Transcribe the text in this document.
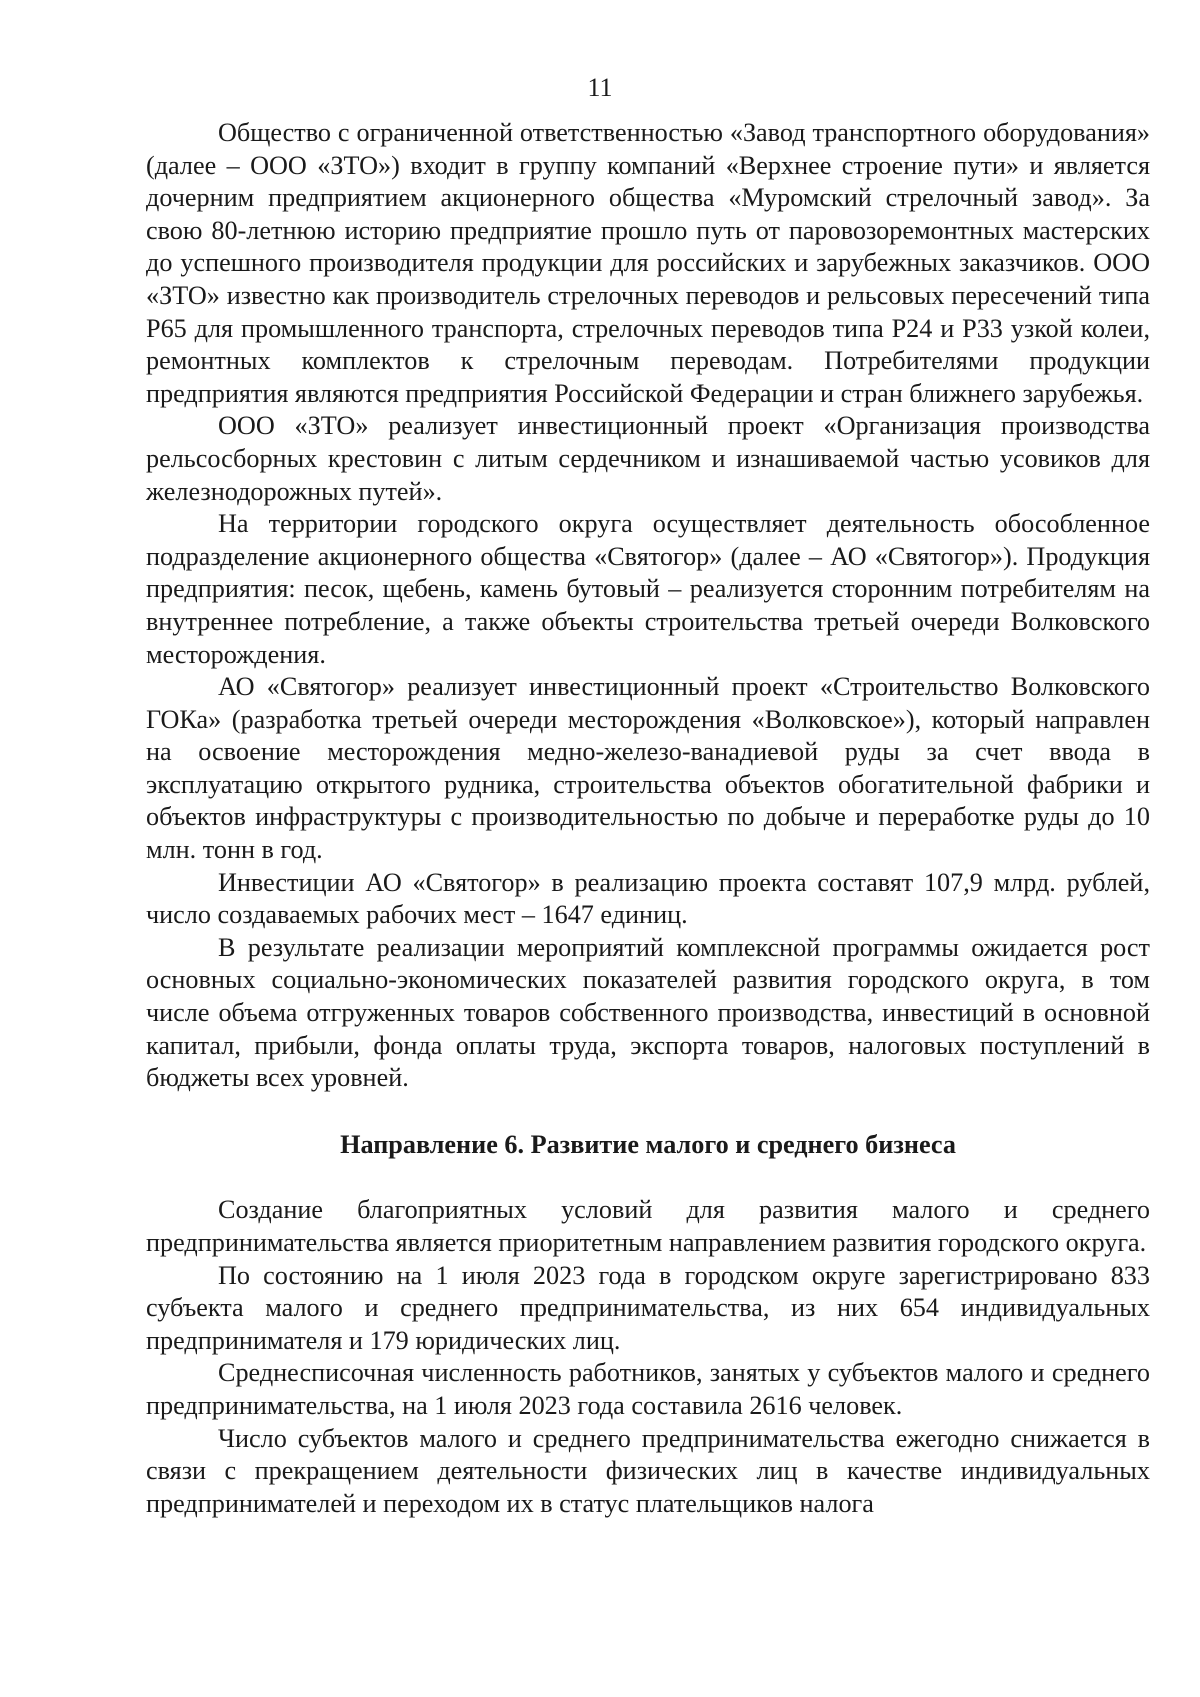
11

Общество с ограниченной ответственностью «Завод транспортного оборудования» (далее – ООО «ЗТО») входит в группу компаний «Верхнее строение пути» и является дочерним предприятием акционерного общества «Муромский стрелочный завод». За свою 80-летнюю историю предприятие прошло путь от паровозоремонтных мастерских до успешного производителя продукции для российских и зарубежных заказчиков. ООО «ЗТО» известно как производитель стрелочных переводов и рельсовых пересечений типа Р65 для промышленного транспорта, стрелочных переводов типа Р24 и Р33 узкой колеи, ремонтных комплектов к стрелочным переводам. Потребителями продукции предприятия являются предприятия Российской Федерации и стран ближнего зарубежья.

ООО «ЗТО» реализует инвестиционный проект «Организация производства рельсосборных крестовин с литым сердечником и изнашиваемой частью усовиков для железнодорожных путей».

На территории городского округа осуществляет деятельность обособленное подразделение акционерного общества «Святогор» (далее – АО «Святогор»). Продукция предприятия: песок, щебень, камень бутовый – реализуется сторонним потребителям на внутреннее потребление, а также объекты строительства третьей очереди Волковского месторождения.

АО «Святогор» реализует инвестиционный проект «Строительство Волковского ГОКа» (разработка третьей очереди месторождения «Волковское»), который направлен на освоение месторождения медно-железо-ванадиевой руды за счет ввода в эксплуатацию открытого рудника, строительства объектов обогатительной фабрики и объектов инфраструктуры с производительностью по добыче и переработке руды до 10 млн. тонн в год.

Инвестиции АО «Святогор» в реализацию проекта составят 107,9 млрд. рублей, число создаваемых рабочих мест – 1647 единиц.

В результате реализации мероприятий комплексной программы ожидается рост основных социально-экономических показателей развития городского округа, в том числе объема отгруженных товаров собственного производства, инвестиций в основной капитал, прибыли, фонда оплаты труда, экспорта товаров, налоговых поступлений в бюджеты всех уровней.

Направление 6. Развитие малого и среднего бизнеса

Создание благоприятных условий для развития малого и среднего предпринимательства является приоритетным направлением развития городского округа.

По состоянию на 1 июля 2023 года в городском округе зарегистрировано 833 субъекта малого и среднего предпринимательства, из них 654 индивидуальных предпринимателя и 179 юридических лиц.

Среднесписочная численность работников, занятых у субъектов малого и среднего предпринимательства, на 1 июля 2023 года составила 2616 человек.

Число субъектов малого и среднего предпринимательства ежегодно снижается в связи с прекращением деятельности физических лиц в качестве индивидуальных предпринимателей и переходом их в статус плательщиков налога
